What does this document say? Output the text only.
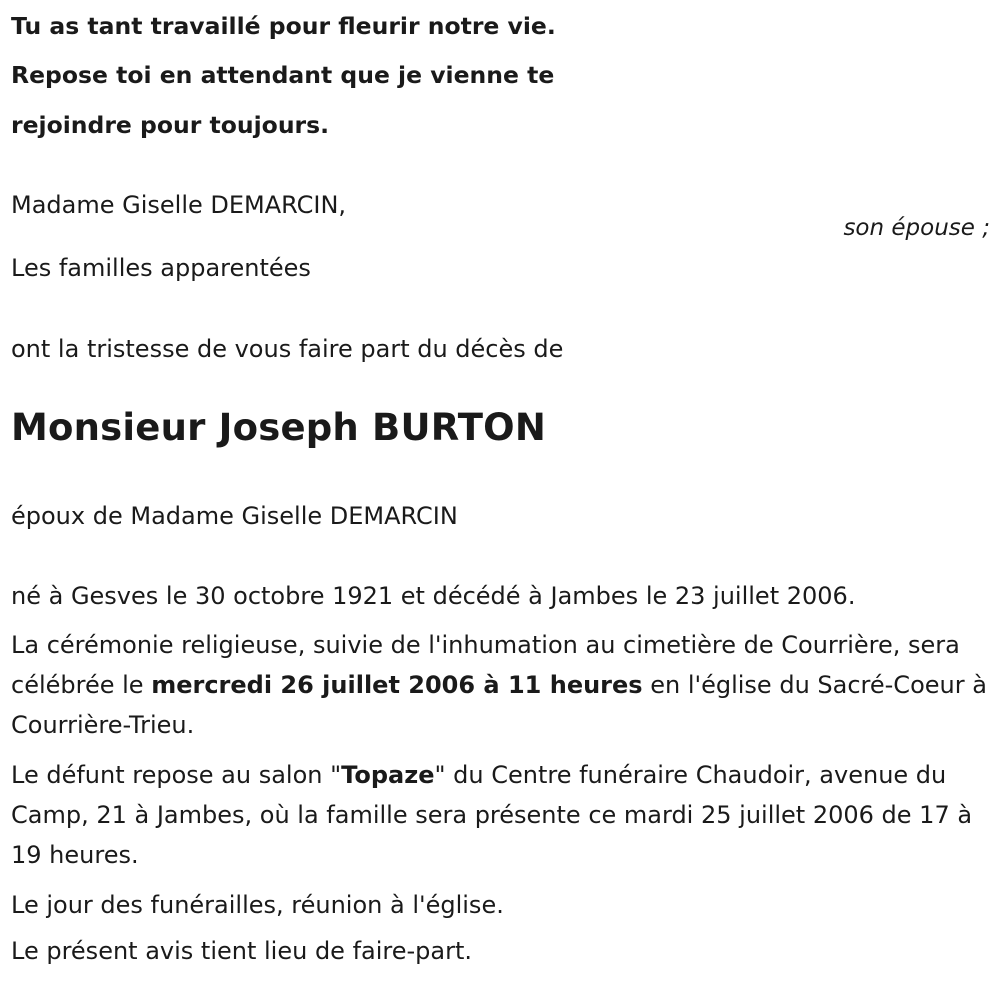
Tu as tant travaillé pour fleurir notre vie.
Repose toi en attendant que je vienne te
rejoindre pour toujours.
Madame Giselle DEMARCIN,
son épouse ;
Les familles apparentées
ont la tristesse de vous faire part du décès de
Monsieur Joseph BURTON
époux de Madame Giselle DEMARCIN
né à Gesves le 30 octobre 1921 et décédé à Jambes le 23 juillet 2006.

La cérémonie religieuse, suivie de l'inhumation au cimetière de Courrière, sera célébrée le mercredi 26 juillet 2006 à 11 heures en l'église du Sacré-Coeur à Courrière-Trieu.

Le défunt repose au salon "Topaze" du Centre funéraire Chaudoir, avenue du Camp, 21 à Jambes, où la famille sera présente ce mardi 25 juillet 2006 de 17 à 19 heures.

Le jour des funérailles, réunion à l'église.
Le présent avis tient lieu de faire-part.
